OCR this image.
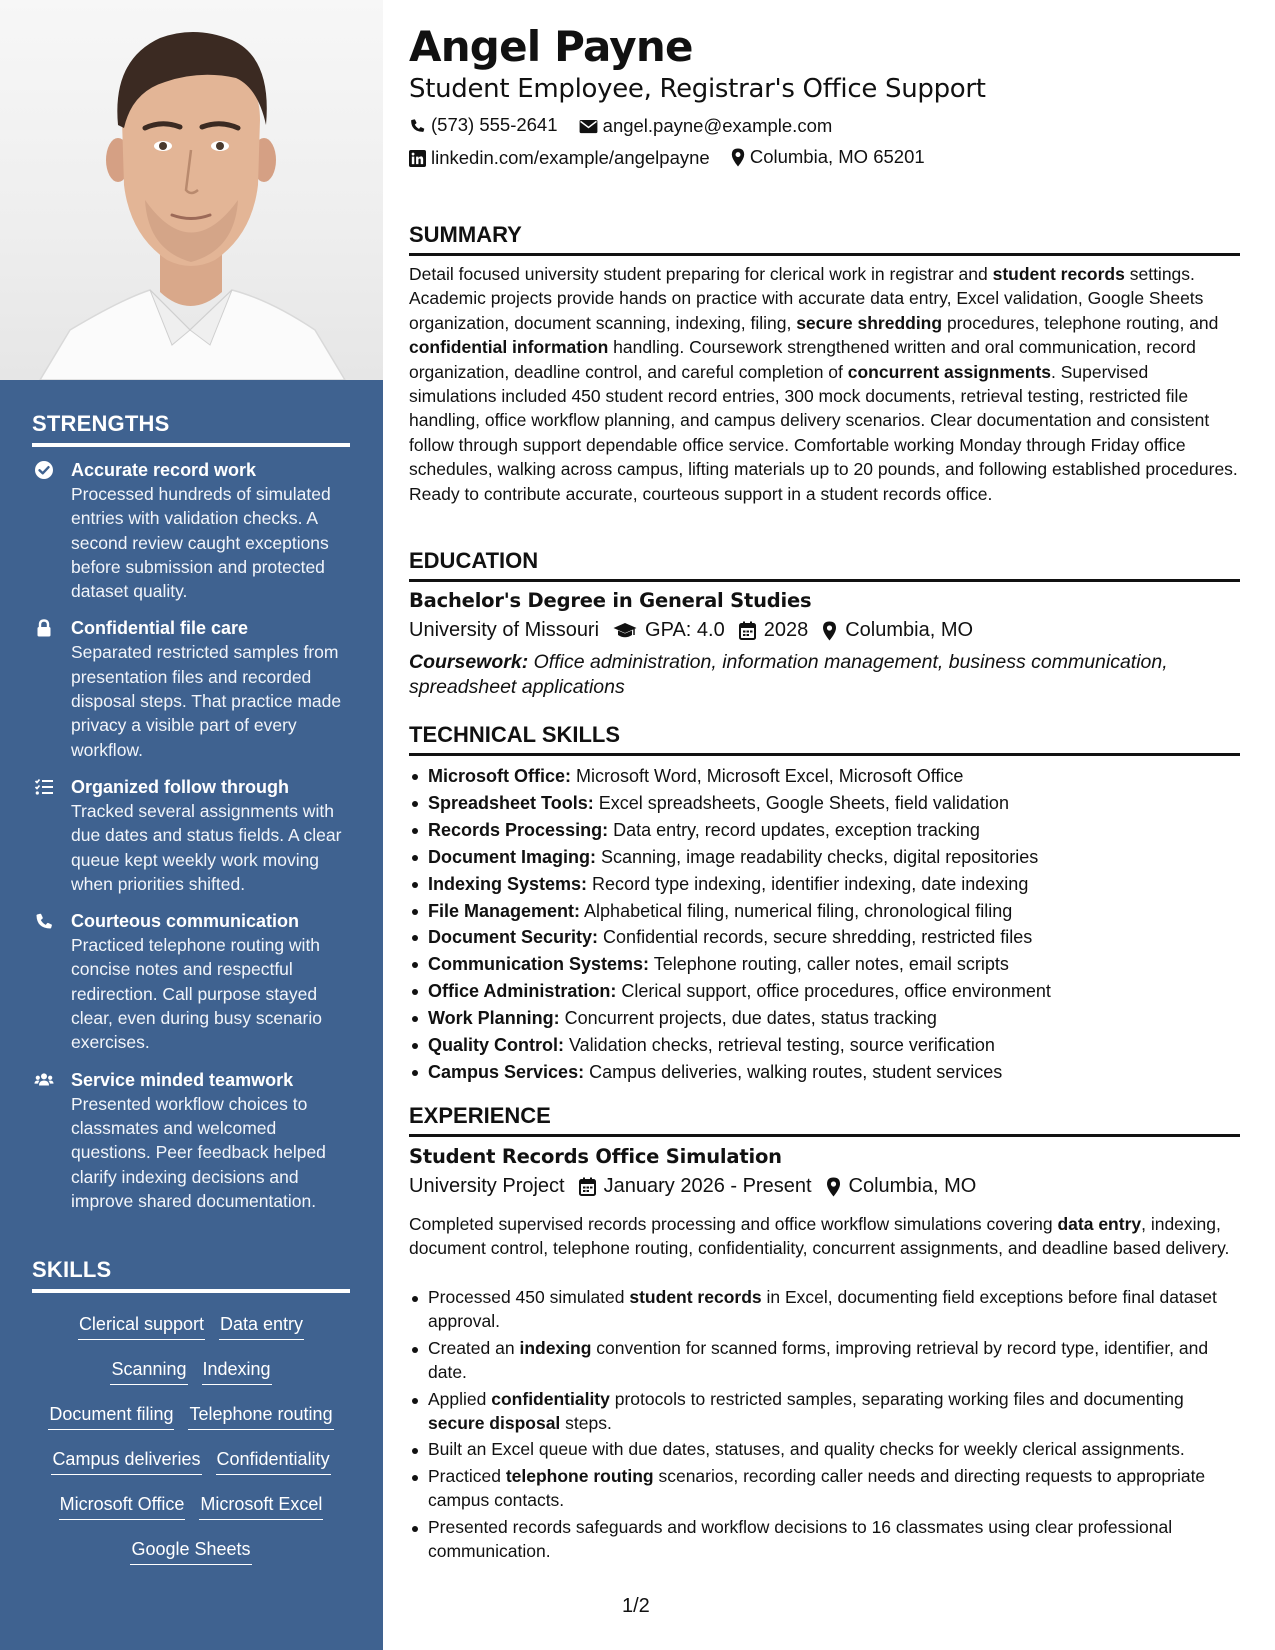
STRENGTHS
Accurate record work
Processed hundreds of simulated entries with validation checks. A second review caught exceptions before submission and protected dataset quality.
Confidential file care
Separated restricted samples from presentation files and recorded disposal steps. That practice made privacy a visible part of every workflow.
Organized follow through
Tracked several assignments with due dates and status fields. A clear queue kept weekly work moving when priorities shifted.
Courteous communication
Practiced telephone routing with concise notes and respectful redirection. Call purpose stayed clear, even during busy scenario exercises.
Service minded teamwork
Presented workflow choices to classmates and welcomed questions. Peer feedback helped clarify indexing decisions and improve shared documentation.
SKILLS
Clerical support Data entry
Scanning Indexing
Document filing Telephone routing
Campus deliveries Confidentiality
Microsoft Office Microsoft Excel
Google Sheets
Angel Payne
Student Employee, Registrar's Office Support
(573) 555-2641
angel.payne@example.com
linkedin.com/example/angelpayne
Columbia, MO 65201
SUMMARY
Detail focused university student preparing for clerical work in registrar and student records settings. Academic projects provide hands on practice with accurate data entry, Excel validation, Google Sheets organization, document scanning, indexing, filing, secure shredding procedures, telephone routing, and confidential information handling. Coursework strengthened written and oral communication, record organization, deadline control, and careful completion of concurrent assignments. Supervised simulations included 450 student record entries, 300 mock documents, retrieval testing, restricted file handling, office workflow planning, and campus delivery scenarios. Clear documentation and consistent follow through support dependable office service. Comfortable working Monday through Friday office schedules, walking across campus, lifting materials up to 20 pounds, and following established procedures. Ready to contribute accurate, courteous support in a student records office.
EDUCATION
Bachelor's Degree in General Studies
University of Missouri GPA: 4.0 2028 Columbia, MO
Coursework: Office administration, information management, business communication, spreadsheet applications
TECHNICAL SKILLS
Microsoft Office: Microsoft Word, Microsoft Excel, Microsoft Office
Spreadsheet Tools: Excel spreadsheets, Google Sheets, field validation
Records Processing: Data entry, record updates, exception tracking
Document Imaging: Scanning, image readability checks, digital repositories
Indexing Systems: Record type indexing, identifier indexing, date indexing
File Management: Alphabetical filing, numerical filing, chronological filing
Document Security: Confidential records, secure shredding, restricted files
Communication Systems: Telephone routing, caller notes, email scripts
Office Administration: Clerical support, office procedures, office environment
Work Planning: Concurrent projects, due dates, status tracking
Quality Control: Validation checks, retrieval testing, source verification
Campus Services: Campus deliveries, walking routes, student services
EXPERIENCE
Student Records Office Simulation
University Project January 2026 - Present Columbia, MO
Completed supervised records processing and office workflow simulations covering data entry, indexing, document control, telephone routing, confidentiality, concurrent assignments, and deadline based delivery.
Processed 450 simulated student records in Excel, documenting field exceptions before final dataset approval.
Created an indexing convention for scanned forms, improving retrieval by record type, identifier, and date.
Applied confidentiality protocols to restricted samples, separating working files and documenting secure disposal steps.
Built an Excel queue with due dates, statuses, and quality checks for weekly clerical assignments.
Practiced telephone routing scenarios, recording caller needs and directing requests to appropriate campus contacts.
Presented records safeguards and workflow decisions to 16 classmates using clear professional communication.
1/2
